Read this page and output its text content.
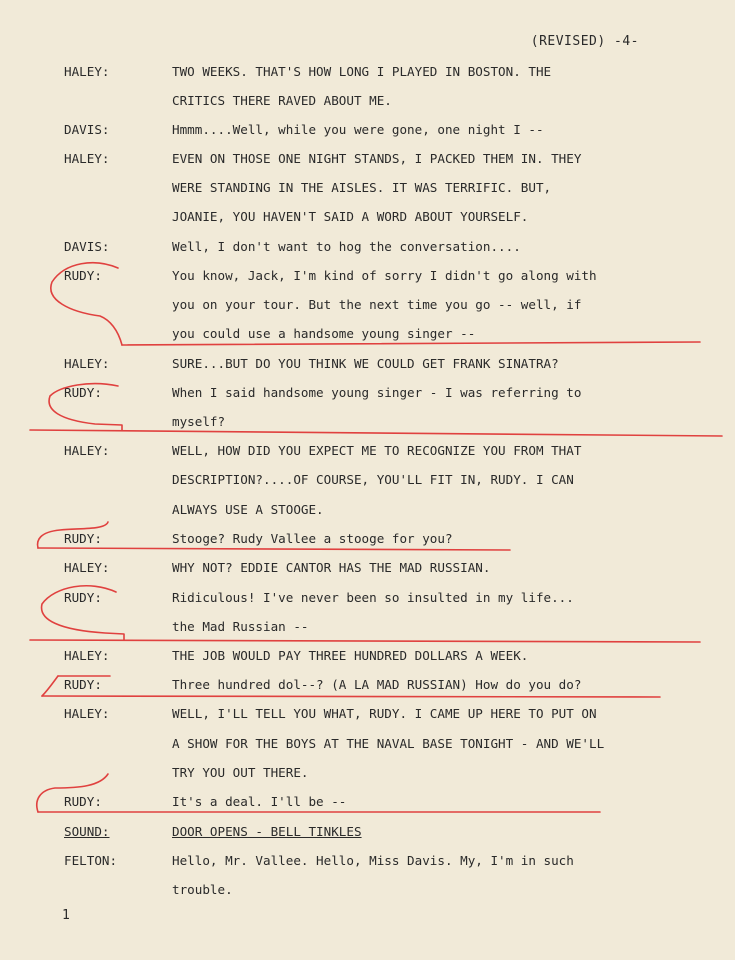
(REVISED) -4-
HALEY:	TWO WEEKS. THAT'S HOW LONG I PLAYED IN BOSTON. THE
CRITICS THERE RAVED ABOUT ME.
DAVIS:	Hmmm....Well, while you were gone, one night I --
HALEY:	EVEN ON THOSE ONE NIGHT STANDS, I PACKED THEM IN. THEY
WERE STANDING IN THE AISLES. IT WAS TERRIFIC. BUT,
JOANIE, YOU HAVEN'T SAID A WORD ABOUT YOURSELF.
DAVIS:	Well, I don't want to hog the conversation....
RUDY:	You know, Jack, I'm kind of sorry I didn't go along with
you on your tour. But the next time you go -- well, if
you could use a handsome young singer --
HALEY:	SURE...BUT DO YOU THINK WE COULD GET FRANK SINATRA?
RUDY:	When I said handsome young singer - I was referring to
myself?
HALEY:	WELL, HOW DID YOU EXPECT ME TO RECOGNIZE YOU FROM THAT
DESCRIPTION?....OF COURSE, YOU'LL FIT IN, RUDY. I CAN
ALWAYS USE A STOOGE.
RUDY:	Stooge? Rudy Vallee a stooge for you?
HALEY:	WHY NOT? EDDIE CANTOR HAS THE MAD RUSSIAN.
RUDY:	Ridiculous! I've never been so insulted in my life...
the Mad Russian --
HALEY:	THE JOB WOULD PAY THREE HUNDRED DOLLARS A WEEK.
RUDY:	Three hundred dol--? (A LA MAD RUSSIAN) How do you do?
HALEY:	WELL, I'LL TELL YOU WHAT, RUDY. I CAME UP HERE TO PUT ON
A SHOW FOR THE BOYS AT THE NAVAL BASE TONIGHT - AND WE'LL
TRY YOU OUT THERE.
RUDY:	It's a deal. I'll be --
SOUND:	DOOR OPENS - BELL TINKLES
FELTON:	Hello, Mr. Vallee. Hello, Miss Davis. My, I'm in such
trouble.
1
